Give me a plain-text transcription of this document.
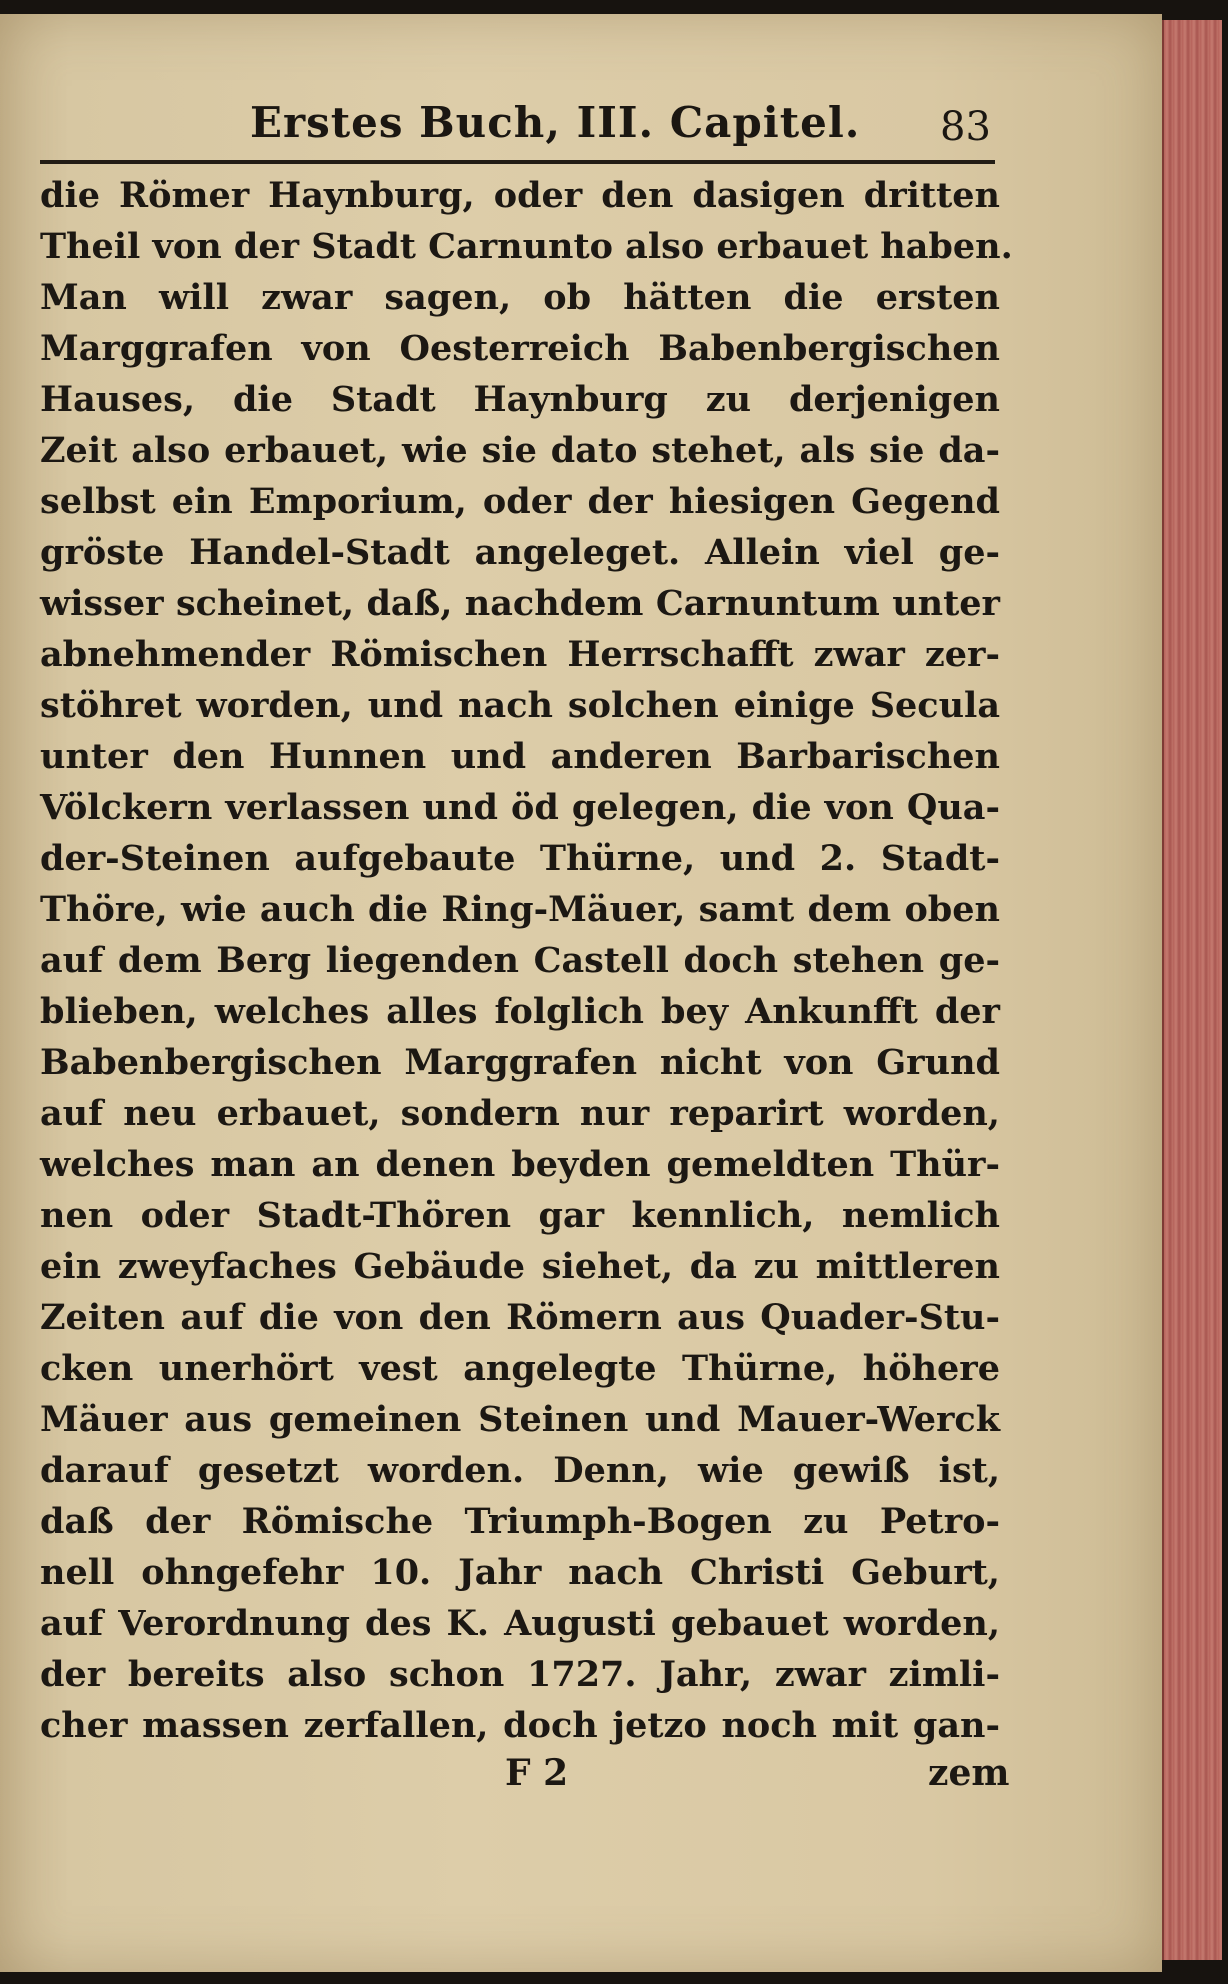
Erstes Buch, III. Capitel. 83
die Römer Haynburg, oder den dasigen dritten
Theil von der Stadt Carnunto also erbauet haben.
Man will zwar sagen, ob hätten die ersten
Marggrafen von Oesterreich Babenbergischen
Hauses, die Stadt Haynburg zu derjenigen
Zeit also erbauet, wie sie dato stehet, als sie da-
selbst ein Emporium, oder der hiesigen Gegend
gröste Handel-Stadt angeleget. Allein viel ge-
wisser scheinet, daß, nachdem Carnuntum unter
abnehmender Römischen Herrschafft zwar zer-
stöhret worden, und nach solchen einige Secula
unter den Hunnen und anderen Barbarischen
Völckern verlassen und öd gelegen, die von Qua-
der-Steinen aufgebaute Thürne, und 2. Stadt-
Thöre, wie auch die Ring-Mäuer, samt dem oben
auf dem Berg liegenden Castell doch stehen ge-
blieben, welches alles folglich bey Ankunfft der
Babenbergischen Marggrafen nicht von Grund
auf neu erbauet, sondern nur reparirt worden,
welches man an denen beyden gemeldten Thür-
nen oder Stadt-Thören gar kennlich, nemlich
ein zweyfaches Gebäude siehet, da zu mittleren
Zeiten auf die von den Römern aus Quader-Stu-
cken unerhört vest angelegte Thürne, höhere
Mäuer aus gemeinen Steinen und Mauer-Werck
darauf gesetzt worden. Denn, wie gewiß ist,
daß der Römische Triumph-Bogen zu Petro-
nell ohngefehr 10. Jahr nach Christi Geburt,
auf Verordnung des K. Augusti gebauet worden,
der bereits also schon 1727. Jahr, zwar zimli-
cher massen zerfallen, doch jetzo noch mit gan-
F 2	zem
